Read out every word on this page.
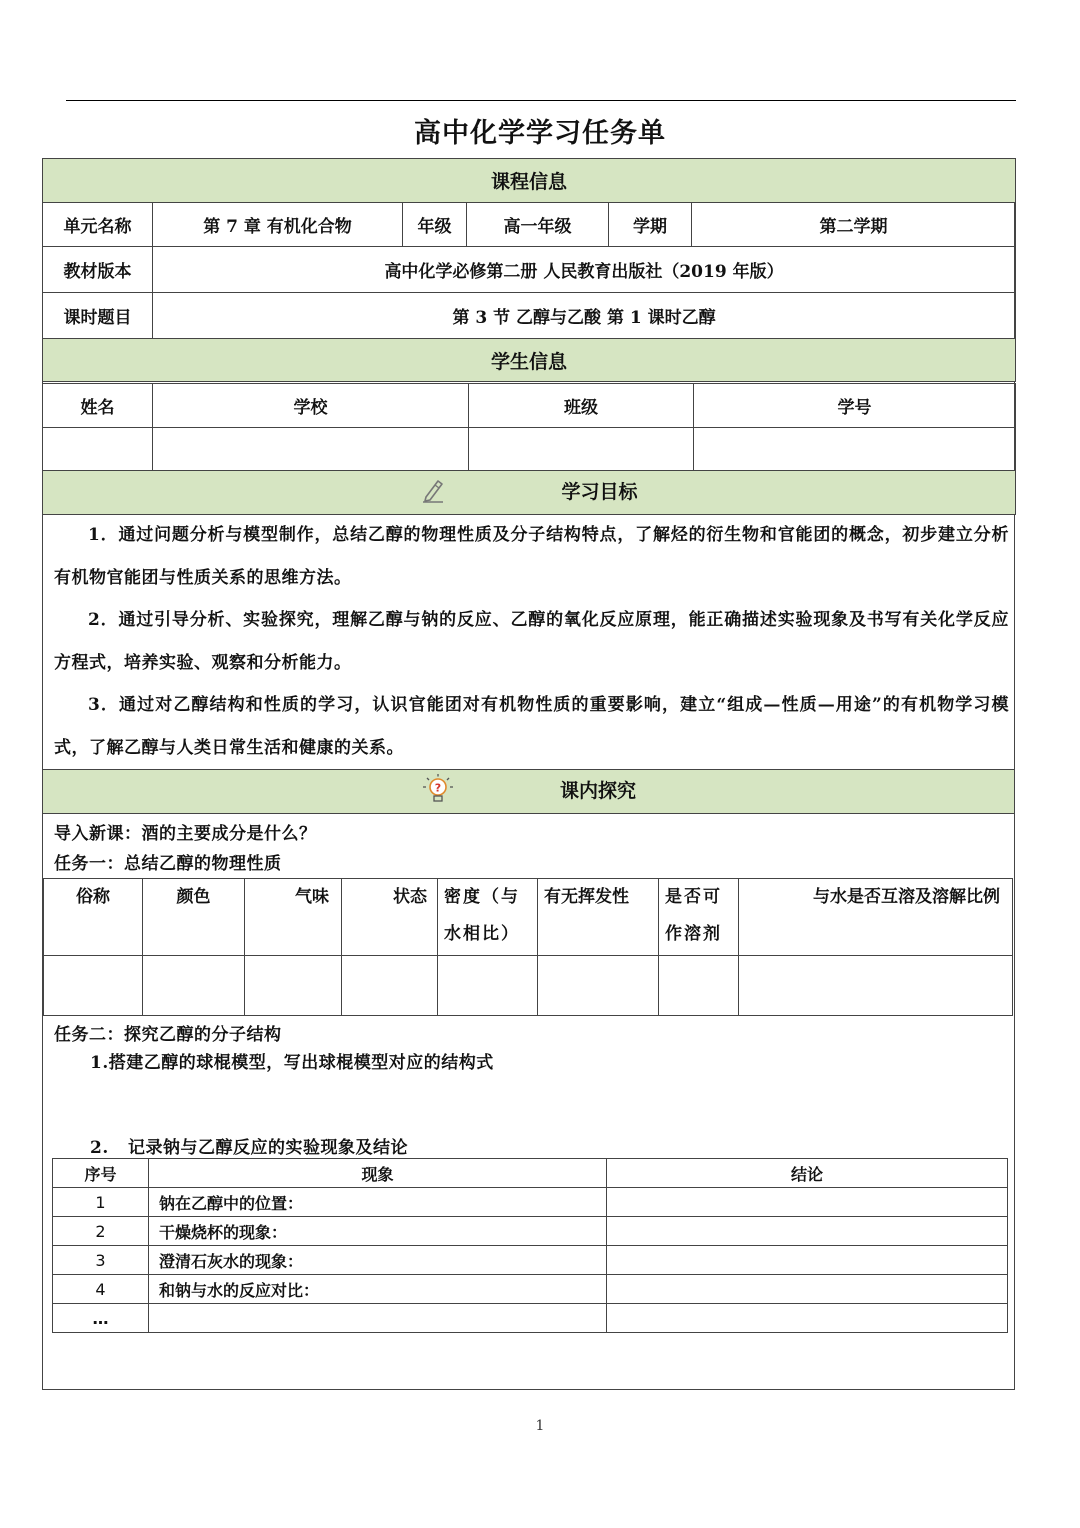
高中化学学习任务单
课程信息					
单元名称	第 7 章 有机化合物	年级	高一年级	学期	第二学期
教材版本	高中化学必修第二册 人民教育出版社（2019 年版）				
课时题目	第 3 节 乙醇与乙酸 第 1 课时乙醇				
学生信息					
姓名	学校	班级	学号

学习目标			

1．通过问题分析与模型制作，总结乙醇的物理性质及分子结构特点，了解烃的衍生物和官能团的概念，初步建立分析有机物官能团与性质关系的思维方法。

2．通过引导分析、实验探究，理解乙醇与钠的反应、乙醇的氧化反应原理，能正确描述实验现象及书写有关化学反应方程式，培养实验、观察和分析能力。

3．通过对乙醇结构和性质的学习，认识官能团对有机物性质的重要影响，建立“组成—性质—用途”的有机物学习模式，了解乙醇与人类日常生活和健康的关系。

?	课内探究
导入新课：酒的主要成分是什么？
任务一：总结乙醇的物理性质
俗称	颜色	气味	状态	密度（与水相比）	有无挥发性	是否可作溶剂	与水是否互溶及溶解比例

任务二：探究乙醇的分子结构
1.搭建乙醇的球棍模型，写出球棍模型对应的结构式
2.   记录钠与乙醇反应的实验现象及结论
序号	现象	结论
1	钠在乙醇中的位置：	
2	干燥烧杯的现象：	
3	澄清石灰水的现象：	
4	和钠与水的反应对比：	
…		
1
